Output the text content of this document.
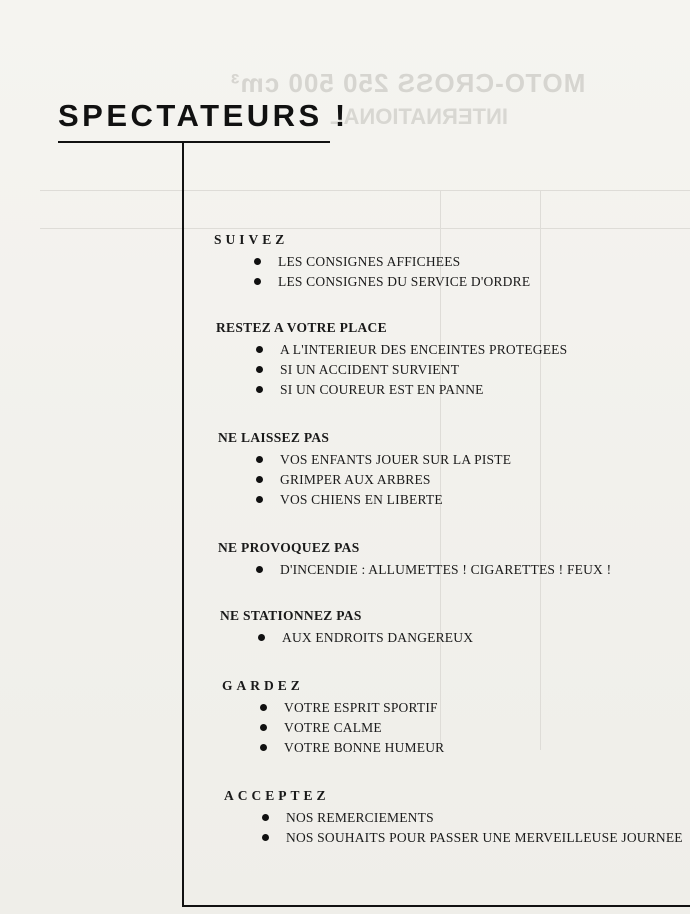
MOTO-CROSS 250 500 cm³
INTERNATIONAL
SPECTATEURS !
SUIVEZ
LES CONSIGNES AFFICHEES
LES CONSIGNES DU SERVICE D'ORDRE
RESTEZ A VOTRE PLACE
A L'INTERIEUR DES ENCEINTES PROTEGEES
SI UN ACCIDENT SURVIENT
SI UN COUREUR EST EN PANNE
NE LAISSEZ PAS
VOS ENFANTS JOUER SUR LA PISTE
GRIMPER AUX ARBRES
VOS CHIENS EN LIBERTE
NE PROVOQUEZ PAS
D'INCENDIE : ALLUMETTES ! CIGARETTES ! FEUX !
NE STATIONNEZ PAS
AUX ENDROITS DANGEREUX
GARDEZ
VOTRE ESPRIT SPORTIF
VOTRE CALME
VOTRE BONNE HUMEUR
ACCEPTEZ
NOS REMERCIEMENTS
NOS SOUHAITS POUR PASSER UNE MERVEILLEUSE JOURNEE
